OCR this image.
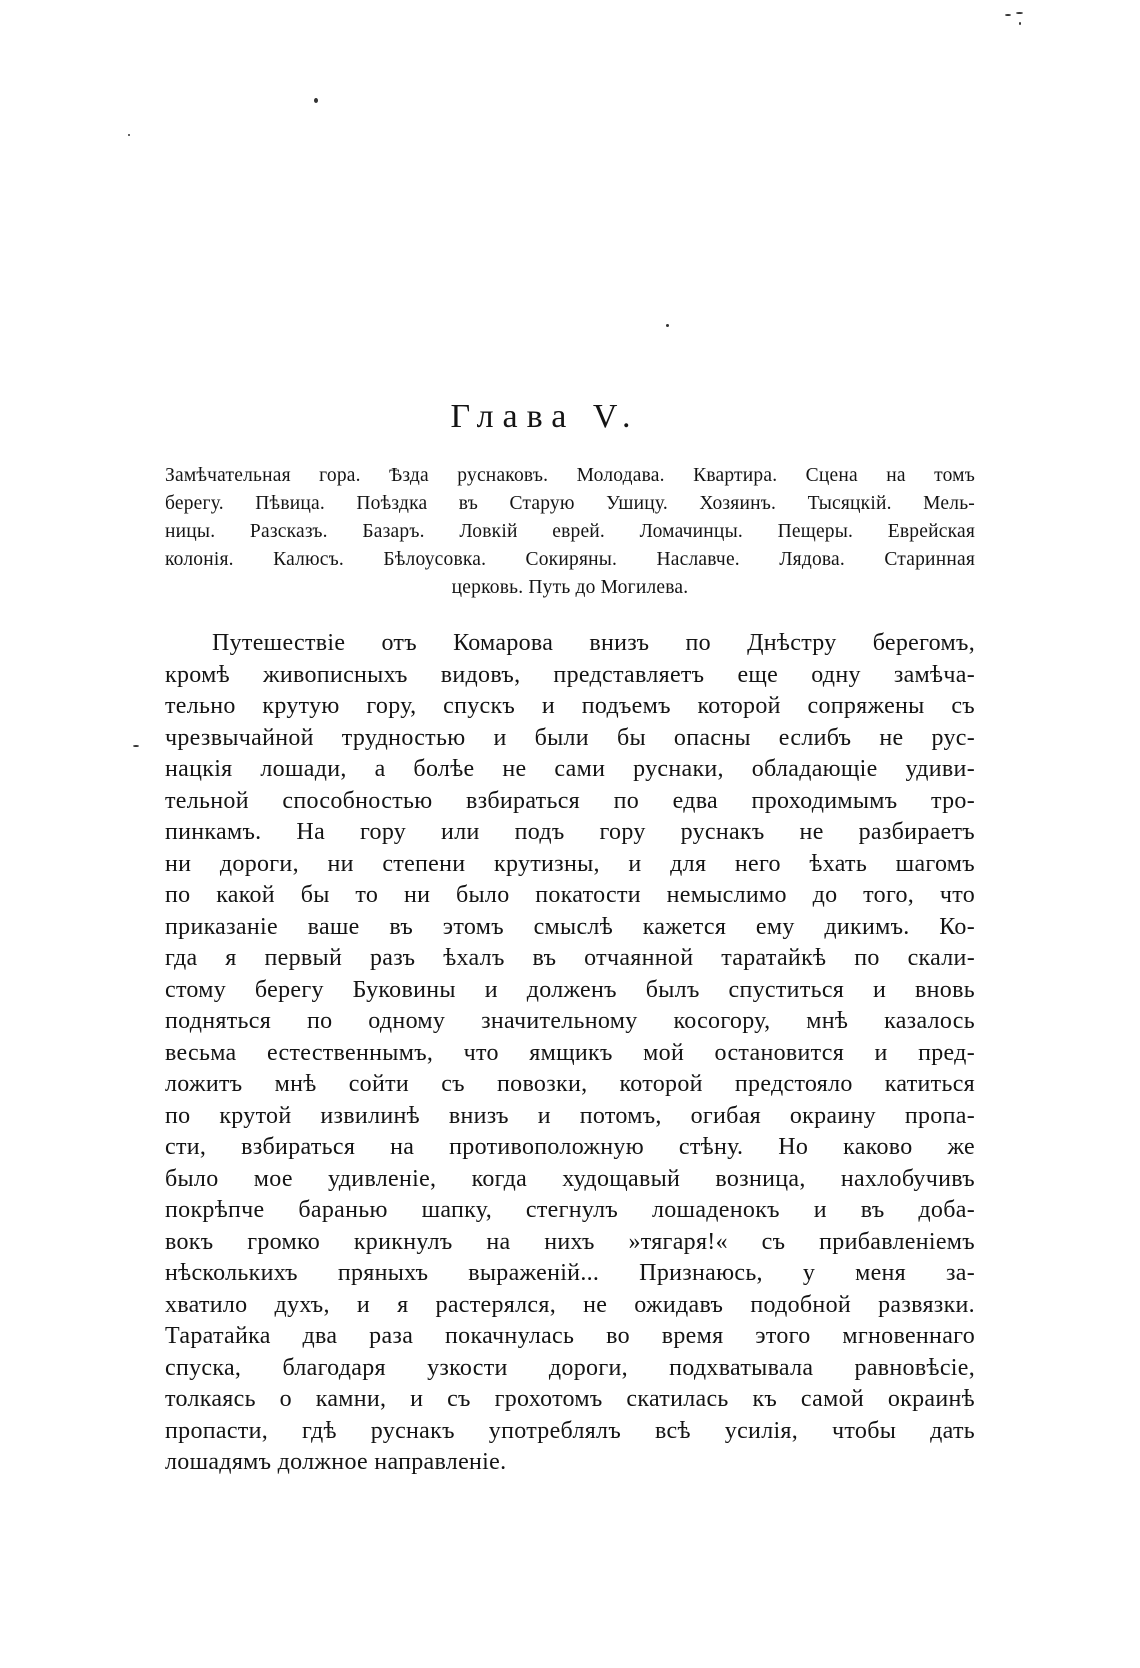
Глава V.
Замѣчательная гора. Ѣзда руснаковъ. Молодава. Квартира. Сцена на томъ
берегу. Пѣвица. Поѣздка въ Старую Ушицу. Хозяинъ. Тысяцкій. Мель-
ницы. Разсказъ. Базаръ. Ловкій еврей. Ломачинцы. Пещеры. Еврейская
колонія. Калюсъ. Бѣлоусовка. Сокиряны. Наславче. Лядова. Старинная
церковь. Путь до Могилева.
Путешествіе отъ Комарова внизъ по Днѣстру берегомъ,
кромѣ живописныхъ видовъ, представляетъ еще одну замѣча-
тельно крутую гору, спускъ и подъемъ которой сопряжены съ
чрезвычайной трудностью и были бы опасны еслибъ не рус-
нацкія лошади, а болѣе не сами руснаки, обладающіе удиви-
тельной способностью взбираться по едва проходимымъ тро-
пинкамъ. На гору или подъ гору руснакъ не разбираетъ
ни дороги, ни степени крутизны, и для него ѣхать шагомъ
по какой бы то ни было покатости немыслимо до того, что
приказаніе ваше въ этомъ смыслѣ кажется ему дикимъ. Ко-
гда я первый разъ ѣхалъ въ отчаянной таратайкѣ по скали-
стому берегу Буковины и долженъ былъ спуститься и вновь
подняться по одному значительному косогору, мнѣ казалось
весьма естественнымъ, что ямщикъ мой остановится и пред-
ложитъ мнѣ сойти съ повозки, которой предстояло катиться
по крутой извилинѣ внизъ и потомъ, огибая окраину пропа-
сти, взбираться на противоположную стѣну. Но каково же
было мое удивленіе, когда худощавый возница, нахлобучивъ
покрѣпче баранью шапку, стегнулъ лошаденокъ и въ доба-
вокъ громко крикнулъ на нихъ »тягаря!« съ прибавленіемъ
нѣсколькихъ пряныхъ выраженій... Признаюсь, у меня за-
хватило духъ, и я растерялся, не ожидавъ подобной развязки.
Таратайка два раза покачнулась во время этого мгновеннаго
спуска, благодаря узкости дороги, подхватывала равновѣсіе,
толкаясь о камни, и съ грохотомъ скатилась къ самой окраинѣ
пропасти, гдѣ руснакъ употреблялъ всѣ усилія, чтобы дать
лошадямъ должное направленіе.
